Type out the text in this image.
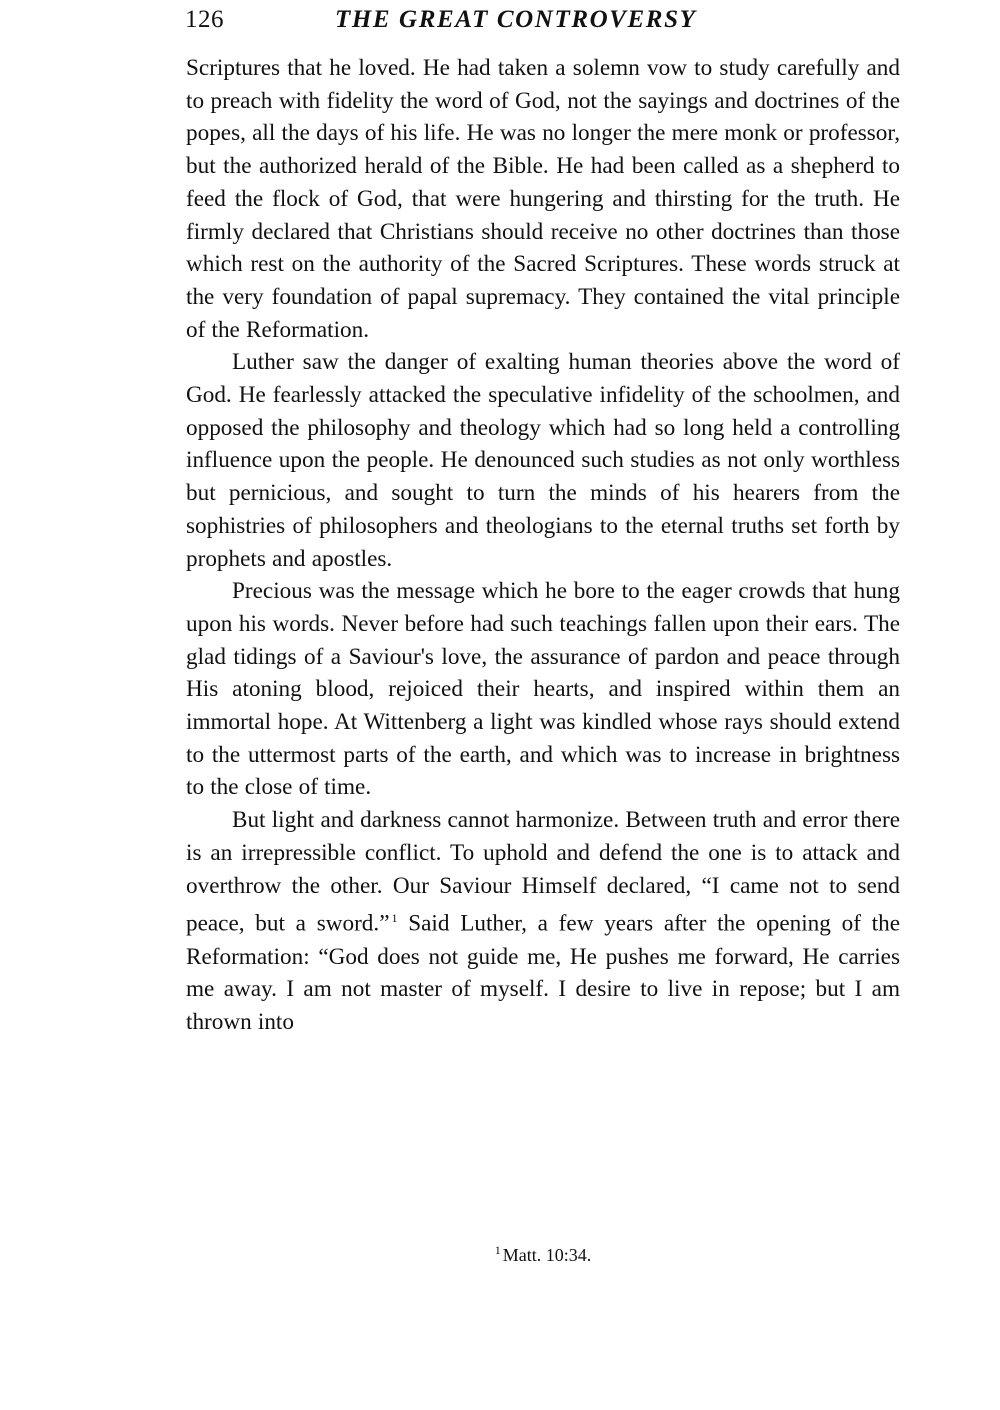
126	THE GREAT CONTROVERSY

Scriptures that he loved. He had taken a solemn vow to study carefully and to preach with fidelity the word of God, not the sayings and doctrines of the popes, all the days of his life. He was no longer the mere monk or professor, but the authorized herald of the Bible. He had been called as a shepherd to feed the flock of God, that were hungering and thirsting for the truth. He firmly declared that Christians should receive no other doctrines than those which rest on the authority of the Sacred Scriptures. These words struck at the very foundation of papal supremacy. They contained the vital principle of the Reformation.

Luther saw the danger of exalting human theories above the word of God. He fearlessly attacked the speculative infidelity of the schoolmen, and opposed the philosophy and theology which had so long held a controlling influence upon the people. He denounced such studies as not only worthless but pernicious, and sought to turn the minds of his hearers from the sophistries of philosophers and theologians to the eternal truths set forth by prophets and apostles.

Precious was the message which he bore to the eager crowds that hung upon his words. Never before had such teachings fallen upon their ears. The glad tidings of a Saviour's love, the assurance of pardon and peace through His atoning blood, rejoiced their hearts, and inspired within them an immortal hope. At Wittenberg a light was kindled whose rays should extend to the uttermost parts of the earth, and which was to increase in brightness to the close of time.

But light and darkness cannot harmonize. Between truth and error there is an irrepressible conflict. To uphold and defend the one is to attack and overthrow the other. Our Saviour Himself declared, “I came not to send peace, but a sword.” $^1$ Said Luther, a few years after the opening of the Reformation: “God does not guide me, He pushes me forward, He carries me away. I am not master of myself. I desire to live in repose; but I am thrown into

$^1$ Matt. 10:34.
